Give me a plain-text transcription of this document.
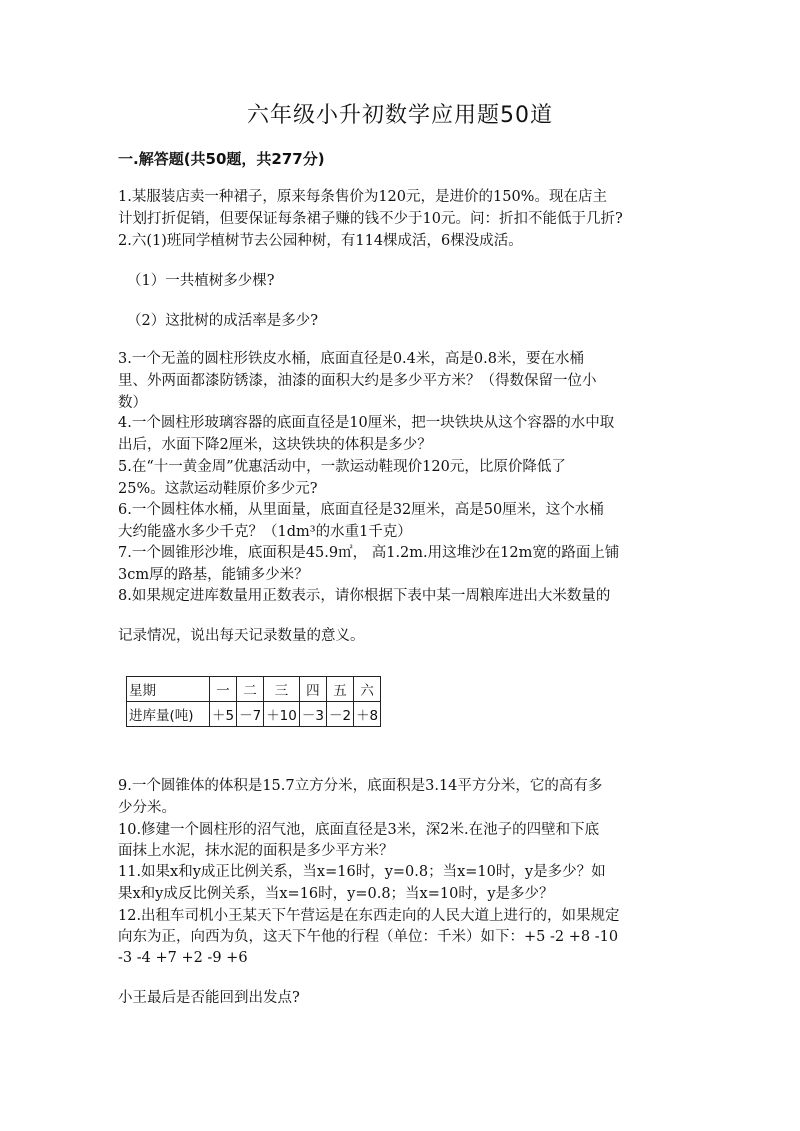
六年级小升初数学应用题50道
一.解答题(共50题，共277分)
1.某服装店卖一种裙子，原来每条售价为120元，是进价的150%。现在店主
计划打折促销，但要保证每条裙子赚的钱不少于10元。问：折扣不能低于几折?
2.六(1)班同学植树节去公园种树，有114棵成活，6棵没成活。
（1）一共植树多少棵?
（2）这批树的成活率是多少?
3.一个无盖的圆柱形铁皮水桶，底面直径是0.4米，高是0.8米，要在水桶
里、外两面都漆防锈漆，油漆的面积大约是多少平方米？（得数保留一位小
数）
4.一个圆柱形玻璃容器的底面直径是10厘米，把一块铁块从这个容器的水中取
出后，水面下降2厘米，这块铁块的体积是多少？
5.在“十一黄金周”优惠活动中，一款运动鞋现价120元，比原价降低了
25%。这款运动鞋原价多少元?
6.一个圆柱体水桶，从里面量，底面直径是32厘米，高是50厘米，这个水桶
大约能盛水多少千克？（1dm³的水重1千克）
7.一个圆锥形沙堆，底面积是45.9㎡， 高1.2m.用这堆沙在12m宽的路面上铺
3cm厚的路基，能铺多少米？
8.如果规定进库数量用正数表示，请你根据下表中某一周粮库进出大米数量的
记录情况，说出每天记录数量的意义。
星期	一	二	三	四	五	六
进库量(吨)	＋5	－7	＋10	－3	－2	＋8
9.一个圆锥体的体积是15.7立方分米，底面积是3.14平方分米，它的高有多
少分米。
10.修建一个圆柱形的沼气池，底面直径是3米，深2米.在池子的四壁和下底
面抹上水泥，抹水泥的面积是多少平方米？
11.如果x和y成正比例关系，当x=16时，y=0.8；当x=10时，y是多少？如
果x和y成反比例关系，当x=16时，y=0.8；当x=10时，y是多少？
12.出租车司机小王某天下午营运是在东西走向的人民大道上进行的，如果规定
向东为正，向西为负，这天下午他的行程（单位：千米）如下：+5 -2 +8 -10
-3 -4 +7 +2 -9 +6
小王最后是否能回到出发点?
